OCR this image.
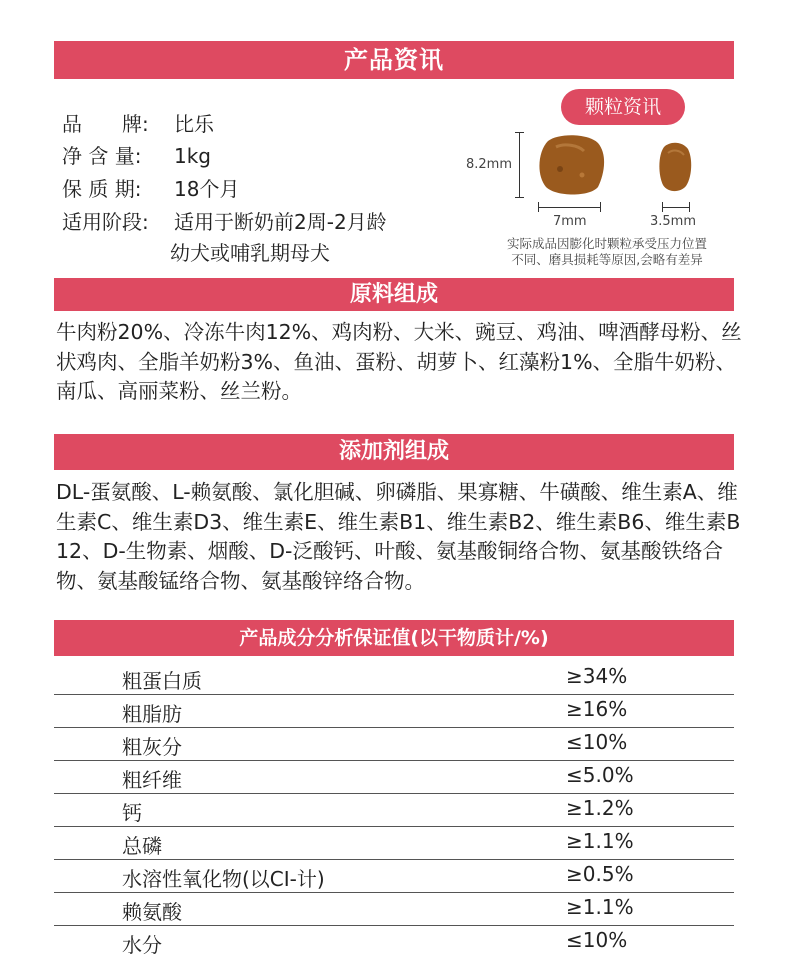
产品资讯
品　　牌: 比乐
净 含 量: 1kg
保 质 期: 18个月
适用阶段: 适用于断奶前2周-2月龄
幼犬或哺乳期母犬
颗粒资讯
8.2mm
7mm	3.5mm
实际成品因膨化时颗粒承受压力位置
不同、磨具损耗等原因,会略有差异
原料组成
牛肉粉20%、冷冻牛肉12%、鸡肉粉、大米、豌豆、鸡油、啤酒酵母粉、丝状鸡肉、全脂羊奶粉3%、鱼油、蛋粉、胡萝卜、红藻粉1%、全脂牛奶粉、南瓜、高丽菜粉、丝兰粉。
添加剂组成
DL-蛋氨酸、L-赖氨酸、氯化胆碱、卵磷脂、果寡糖、牛磺酸、维生素A、维生素C、维生素D3、维生素E、维生素B1、维生素B2、维生素B6、维生素B12、D-生物素、烟酸、D-泛酸钙、叶酸、氨基酸铜络合物、氨基酸铁络合物、氨基酸锰络合物、氨基酸锌络合物。
产品成分分析保证值(以干物质计/%)
粗蛋白质	≥34%
粗脂肪	≥16%
粗灰分	≤10%
粗纤维	≤5.0%
钙	≥1.2%
总磷	≥1.1%
水溶性氧化物(以CI-计)	≥0.5%
赖氨酸	≥1.1%
水分	≤10%
